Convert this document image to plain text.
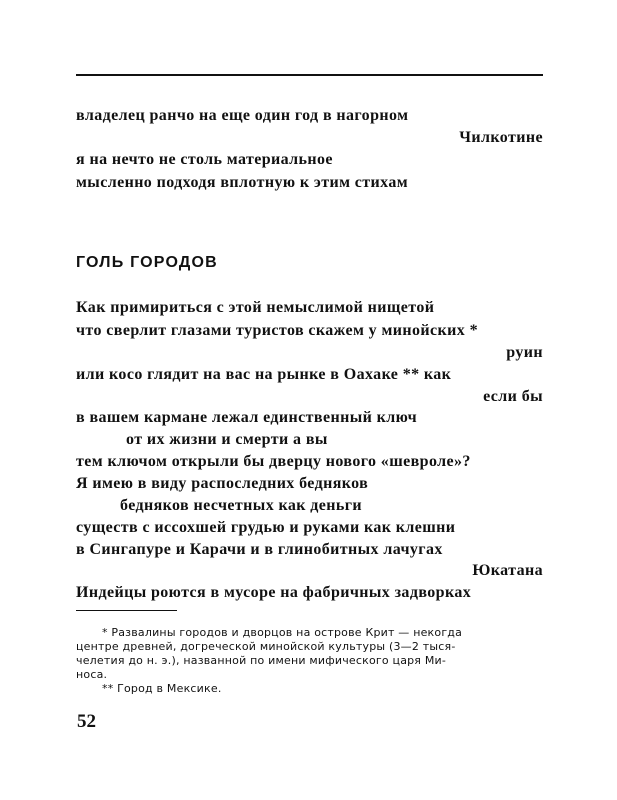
владелец ранчо на еще один год в нагорном
Чилкотине
я на нечто не столь материальное
мысленно подходя вплотную к этим стихам
ГОЛЬ ГОРОДОВ
Как примириться с этой немыслимой нищетой
что сверлит глазами туристов скажем у минойских *
руин
или косо глядит на вас на рынке в Оахаке ** как
если бы
в вашем кармане лежал единственный ключ
от их жизни и смерти а вы
тем ключом открыли бы дверцу нового «шевроле»?
Я имею в виду распоследних бедняков
бедняков несчетных как деньги
существ с иссохшей грудью и руками как клешни
в Сингапуре и Карачи и в глинобитных лачугах
Юкатана
Индейцы роются в мусоре на фабричных задворках
* Развалины городов и дворцов на острове Крит — некогда
центре древней, догреческой минойской культуры (3—2 тыся-
челетия до н. э.), названной по имени мифического царя Ми-
носа.
** Город в Мексике.
52
